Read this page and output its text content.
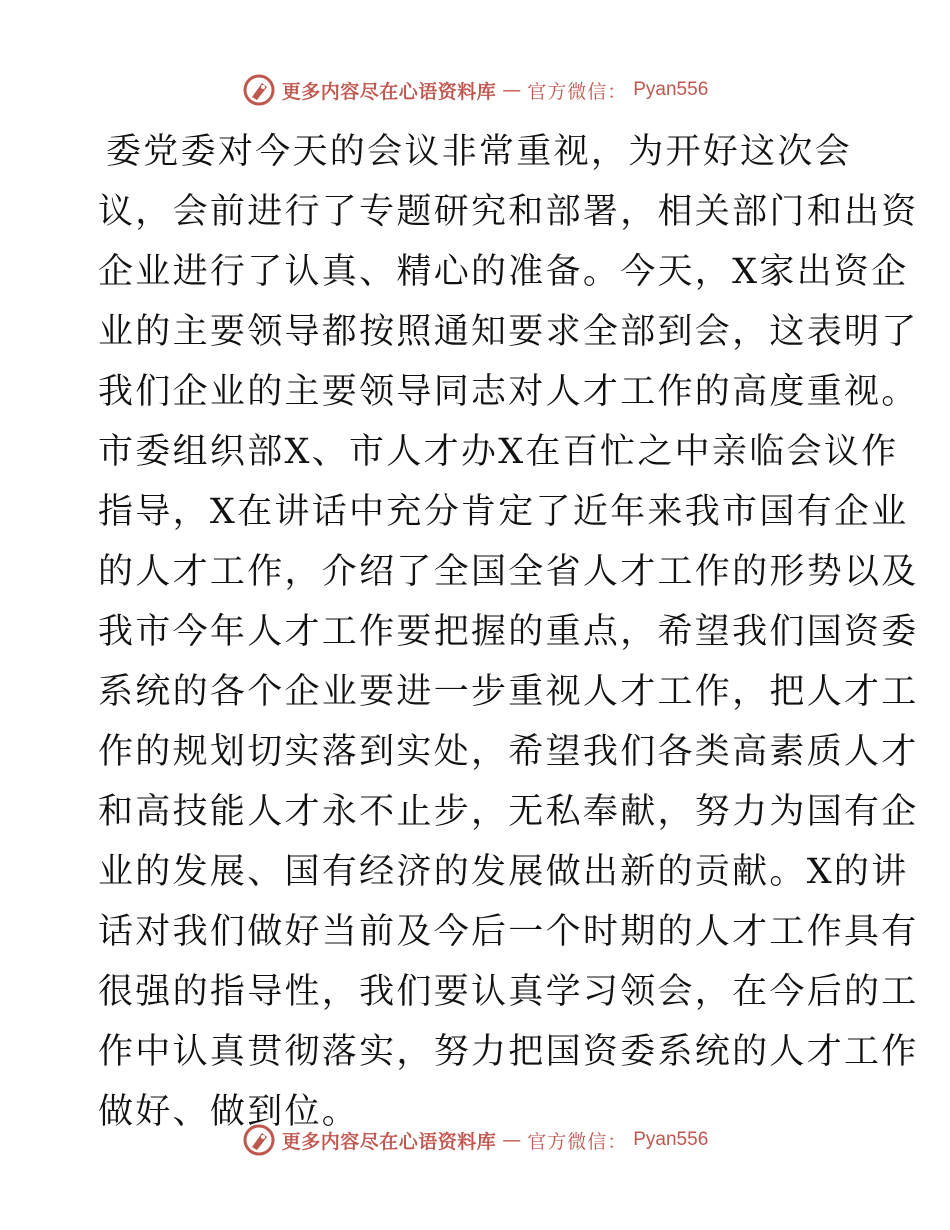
更多内容尽在心语资料库 — 官方微信： Pyan556
委党委对今天的会议非常重视，为开好这次会
议，会前进行了专题研究和部署，相关部门和出资
企业进行了认真、精心的准备。今天，X家出资企
业的主要领导都按照通知要求全部到会，这表明了
我们企业的主要领导同志对人才工作的高度重视。
市委组织部X、市人才办X在百忙之中亲临会议作
指导，X在讲话中充分肯定了近年来我市国有企业
的人才工作，介绍了全国全省人才工作的形势以及
我市今年人才工作要把握的重点，希望我们国资委
系统的各个企业要进一步重视人才工作，把人才工
作的规划切实落到实处，希望我们各类高素质人才
和高技能人才永不止步，无私奉献，努力为国有企
业的发展、国有经济的发展做出新的贡献。X的讲
话对我们做好当前及今后一个时期的人才工作具有
很强的指导性，我们要认真学习领会，在今后的工
作中认真贯彻落实，努力把国资委系统的人才工作
做好、做到位。
更多内容尽在心语资料库 — 官方微信： Pyan556
